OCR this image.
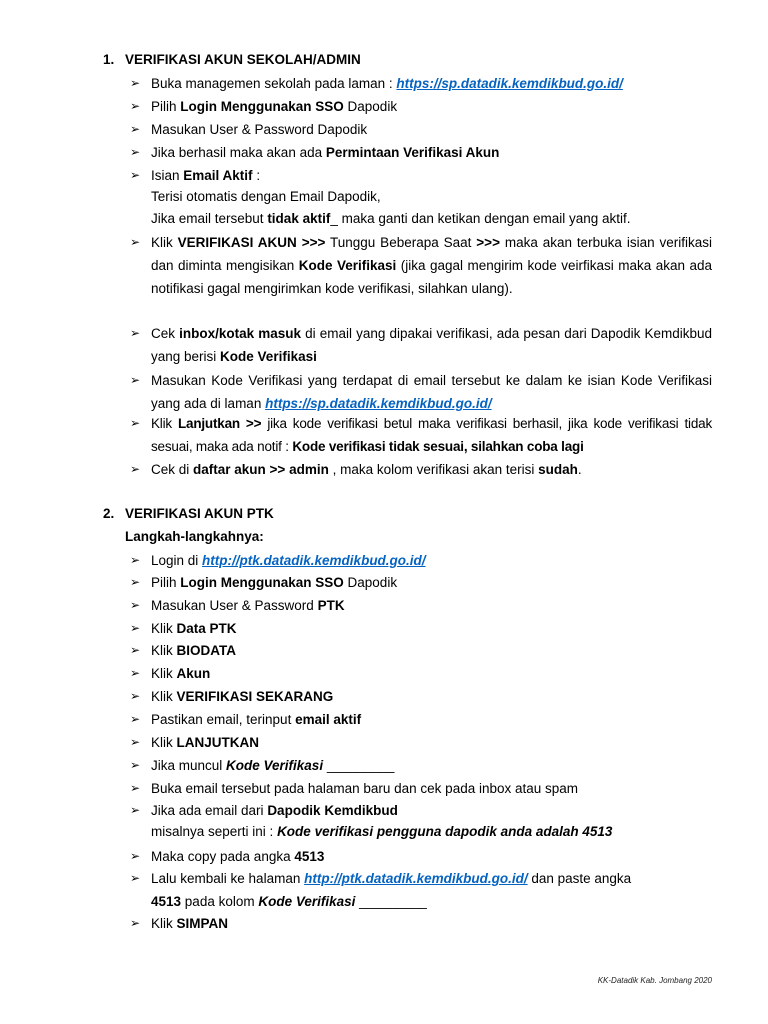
1. VERIFIKASI AKUN SEKOLAH/ADMIN
➢ Buka managemen sekolah pada laman : https://sp.datadik.kemdikbud.go.id/
➢ Pilih Login Menggunakan SSO Dapodik
➢ Masukan User & Password Dapodik
➢ Jika berhasil maka akan ada Permintaan Verifikasi Akun
➢ Isian Email Aktif :
Terisi otomatis dengan Email Dapodik,
Jika email tersebut tidak aktif_ maka ganti dan ketikan dengan email yang aktif.
➢ Klik VERIFIKASI AKUN >>> Tunggu Beberapa Saat >>> maka akan terbuka isian verifikasi dan diminta mengisikan Kode Verifikasi (jika gagal mengirim kode veirfikasi maka akan ada notifikasi gagal mengirimkan kode verifikasi, silahkan ulang).
➢ Cek inbox/kotak masuk di email yang dipakai verifikasi, ada pesan dari Dapodik Kemdikbud yang berisi Kode Verifikasi
➢ Masukan Kode Verifikasi yang terdapat di email tersebut ke dalam ke isian Kode Verifikasi yang ada di laman https://sp.datadik.kemdikbud.go.id/
➢ Klik Lanjutkan >> jika kode verifikasi betul maka verifikasi berhasil, jika kode verifikasi tidak sesuai, maka ada notif : Kode verifikasi tidak sesuai, silahkan coba lagi
➢ Cek di daftar akun >> admin , maka kolom verifikasi akan terisi sudah.
2. VERIFIKASI AKUN PTK
Langkah-langkahnya:
➢ Login di http://ptk.datadik.kemdikbud.go.id/
➢ Pilih Login Menggunakan SSO Dapodik
➢ Masukan User & Password PTK
➢ Klik Data PTK
➢ Klik BIODATA
➢ Klik Akun
➢ Klik VERIFIKASI SEKARANG
➢ Pastikan email, terinput email aktif
➢ Klik LANJUTKAN
➢ Jika muncul Kode Verifikasi _________
➢ Buka email tersebut pada halaman baru dan cek pada inbox atau spam
➢ Jika ada email dari Dapodik Kemdikbud
misalnya seperti ini : Kode verifikasi pengguna dapodik anda adalah 4513
➢ Maka copy pada angka 4513
➢ Lalu kembali ke halaman http://ptk.datadik.kemdikbud.go.id/ dan paste angka
4513 pada kolom Kode Verifikasi _________
➢ Klik SIMPAN
KK-Datadik Kab. Jombang 2020
